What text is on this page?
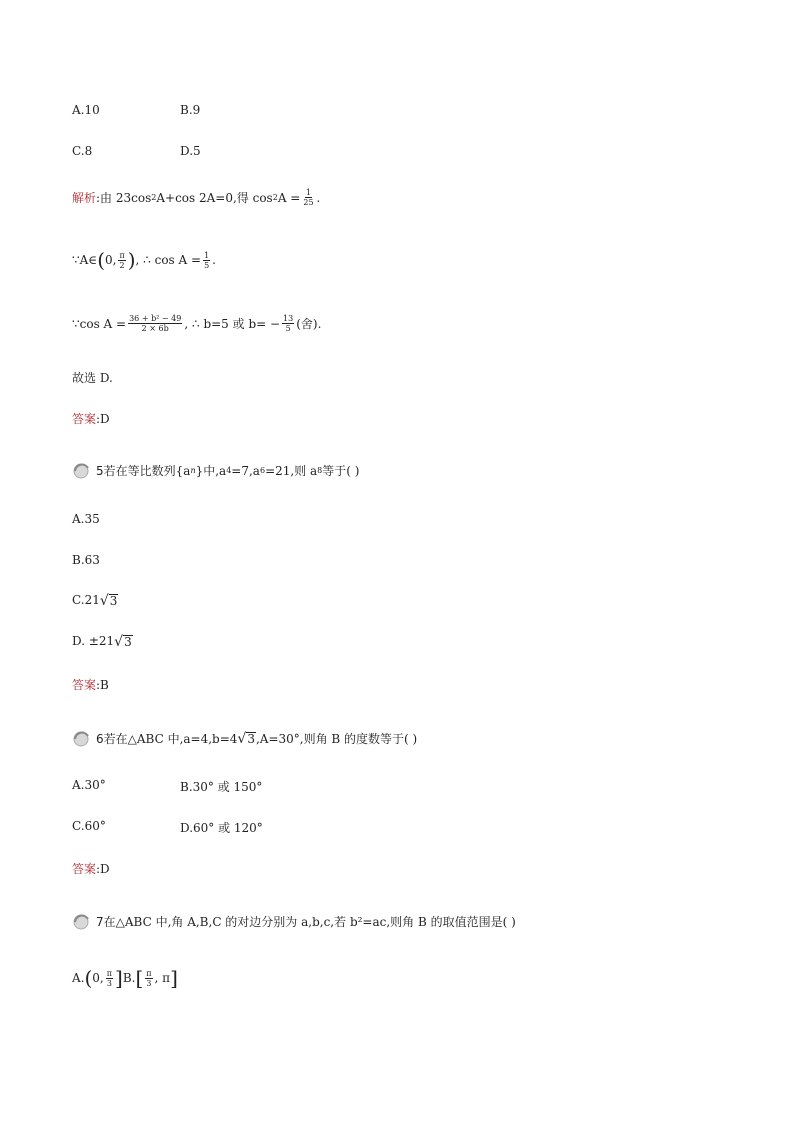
A.10	B.9
C.8	D.5
解析 :由 23cos 2 A+cos 2A=0,得 cos 2 $A = \frac{1}{25}$ .
∵A∈ ( 0, $\frac{\pi}{2}$ ) , ∴ $\cos A = \frac{1}{5}$ .
∵cos $A = \frac{\text{36 + b² − 49}}{2 \times 6b}$ , ∴ b=5 或 $b= - \frac{13}{5}$ (舍).
故选 D.
答案 :D
5 若在等比数列{a n }中,a 4 =7,a 6 =21,则 a 8 等于( )
A.35
B.63
C.21 √ 3
D. ±21 √ 3
答案 :B
6 若在△ABC 中,a=4,b=4 √ 3 ,A=30°,则角 B 的度数等于( )
A.30°	B.30° 或 150°
C.60°	D.60° 或 120°
答案 :D
7 在△ABC 中,角 A,B,C 的对边分别为 a,b,c,若 b²=ac,则角 B 的取值范围是( )
A. ( 0, $\frac{\pi}{3}$ ] B. [ $\frac{\pi}{3}$ , π ]
